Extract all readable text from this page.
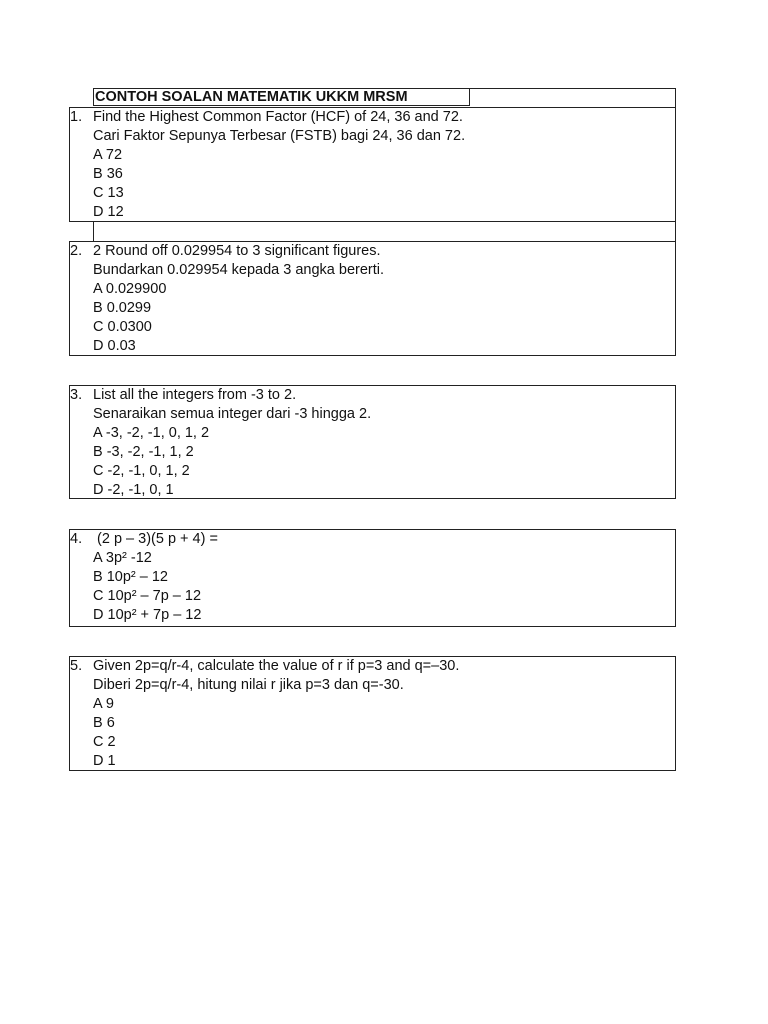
CONTOH SOALAN MATEMATIK UKKM MRSM
1. Find the Highest Common Factor (HCF) of 24, 36 and 72.
Cari Faktor Sepunya Terbesar (FSTB) bagi 24, 36 dan 72.
A 72
B 36
C 13
D 12
2. 2 Round off 0.029954 to 3 significant figures.
Bundarkan 0.029954 kepada 3 angka bererti.
A 0.029900
B 0.0299
C 0.0300
D 0.03
3. List all the integers from -3 to 2.
Senaraikan semua integer dari -3 hingga 2.
A -3, -2, -1, 0, 1, 2
B -3, -2, -1, 1, 2
C -2, -1, 0, 1, 2
D -2, -1, 0, 1
4. (2 p – 3)(5 p + 4) =
A 3p² -12
B 10p² – 12
C 10p² – 7p – 12
D 10p² + 7p – 12
5. Given 2p=q/r-4, calculate the value of r if p=3 and q=–30.
Diberi 2p=q/r-4, hitung nilai r jika p=3 dan q=-30.
A 9
B 6
C 2
D 1
